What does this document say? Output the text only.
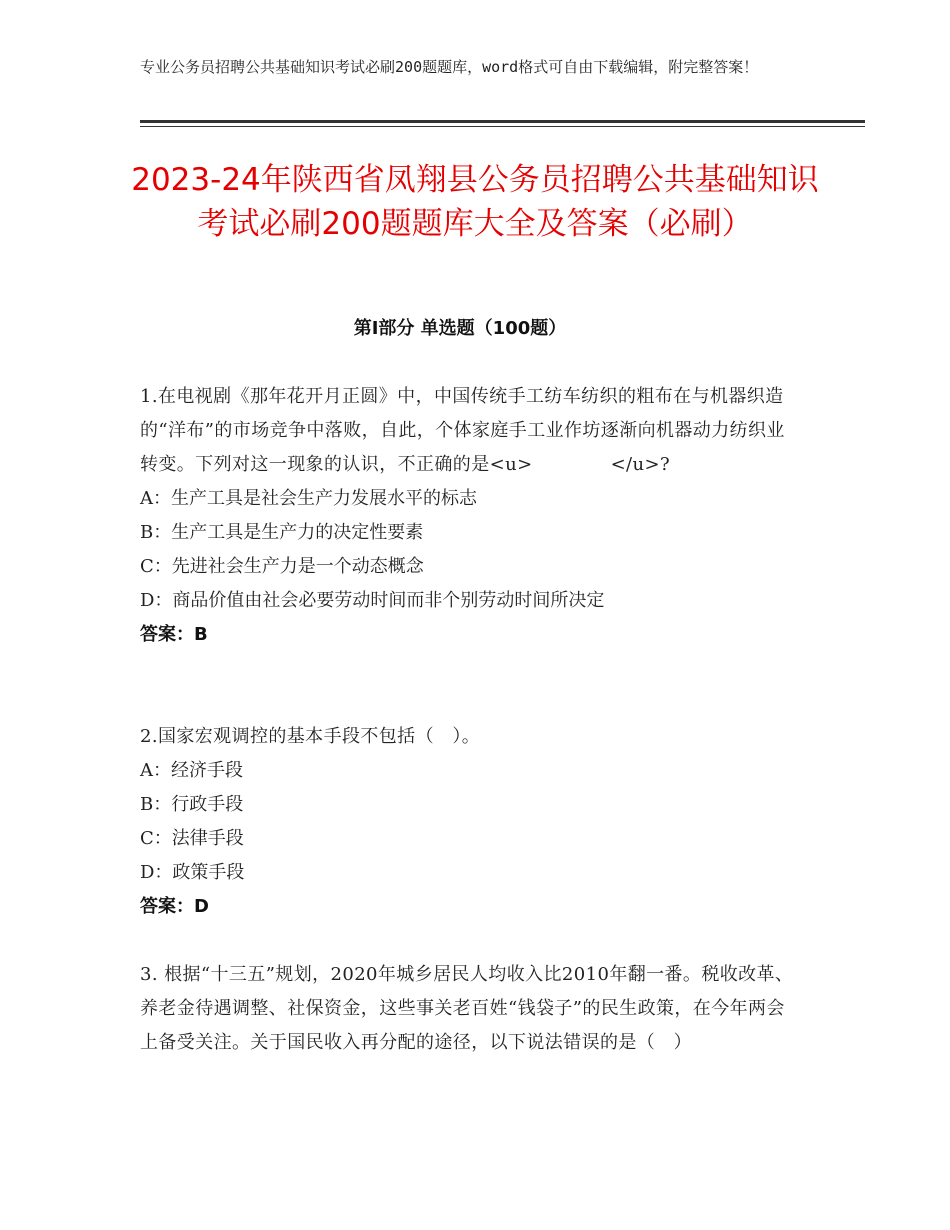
专业公务员招聘公共基础知识考试必刷200题题库，word格式可自由下载编辑，附完整答案！
2023-24年陕西省凤翔县公务员招聘公共基础知识考试必刷200题题库大全及答案（必刷）
第Ⅰ部分 单选题（100题）
1.在电视剧《那年花开月正圆》中，中国传统手工纺车纺织的粗布在与机器织造的“洋布”的市场竞争中落败，自此，个体家庭手工业作坊逐渐向机器动力纺织业转变。下列对这一现象的认识，不正确的是<u>	</u>?
A：生产工具是社会生产力发展水平的标志
B：生产工具是生产力的决定性要素
C：先进社会生产力是一个动态概念
D：商品价值由社会必要劳动时间而非个别劳动时间所决定
答案：B
2.国家宏观调控的基本手段不包括（　）。
A：经济手段
B：行政手段
C：法律手段
D：政策手段
答案：D
3. 根据“十三五”规划，2020年城乡居民人均收入比2010年翻一番。税收改革、养老金待遇调整、社保资金，这些事关老百姓“钱袋子”的民生政策，在今年两会上备受关注。关于国民收入再分配的途径，以下说法错误的是（　）
